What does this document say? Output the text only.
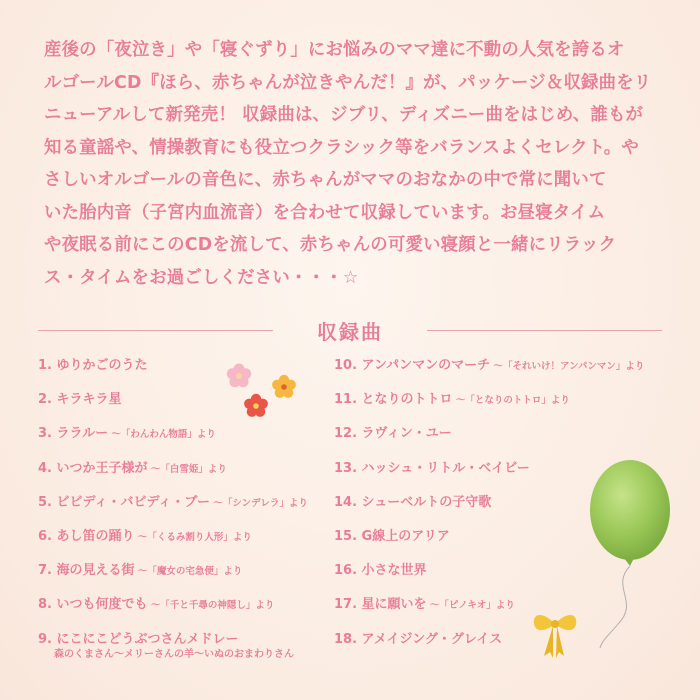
産後の「夜泣き」や「寝ぐずり」にお悩みのママ達に不動の人気を誇るオ
ルゴールCD『ほら、赤ちゃんが泣きやんだ！』が、パッケージ＆収録曲をリ
ニューアルして新発売！ 収録曲は、ジブリ、ディズニー曲をはじめ、誰もが
知る童謡や、情操教育にも役立つクラシック等をバランスよくセレクト。や
さしいオルゴールの音色に、赤ちゃんがママのおなかの中で常に聞いて
いた胎内音（子宮内血流音）を合わせて収録しています。お昼寝タイム
や夜眠る前にこのCDを流して、赤ちゃんの可愛い寝顔と一緒にリラック
ス・タイムをお過ごしください・・・☆
収録曲
1. ゆりかごのうた
2. キラキラ星
3. ララルー 〜「わんわん物語」より
4. いつか王子様が 〜「白雪姫」より
5. ビビディ・バビディ・ブー 〜「シンデレラ」より
6. あし笛の踊り 〜「くるみ割り人形」より
7. 海の見える街 〜「魔女の宅急便」より
8. いつも何度でも 〜「千と千尋の神隠し」より
9. にこにこどうぶつさんメドレー
森のくまさん〜メリーさんの羊〜いぬのおまわりさん
10. アンパンマンのマーチ 〜「それいけ！アンパンマン」より
11. となりのトトロ 〜「となりのトトロ」より
12. ラヴィン・ユー
13. ハッシュ・リトル・ベイビー
14. シューベルトの子守歌
15. G線上のアリア
16. 小さな世界
17. 星に願いを 〜「ピノキオ」より
18. アメイジング・グレイス
